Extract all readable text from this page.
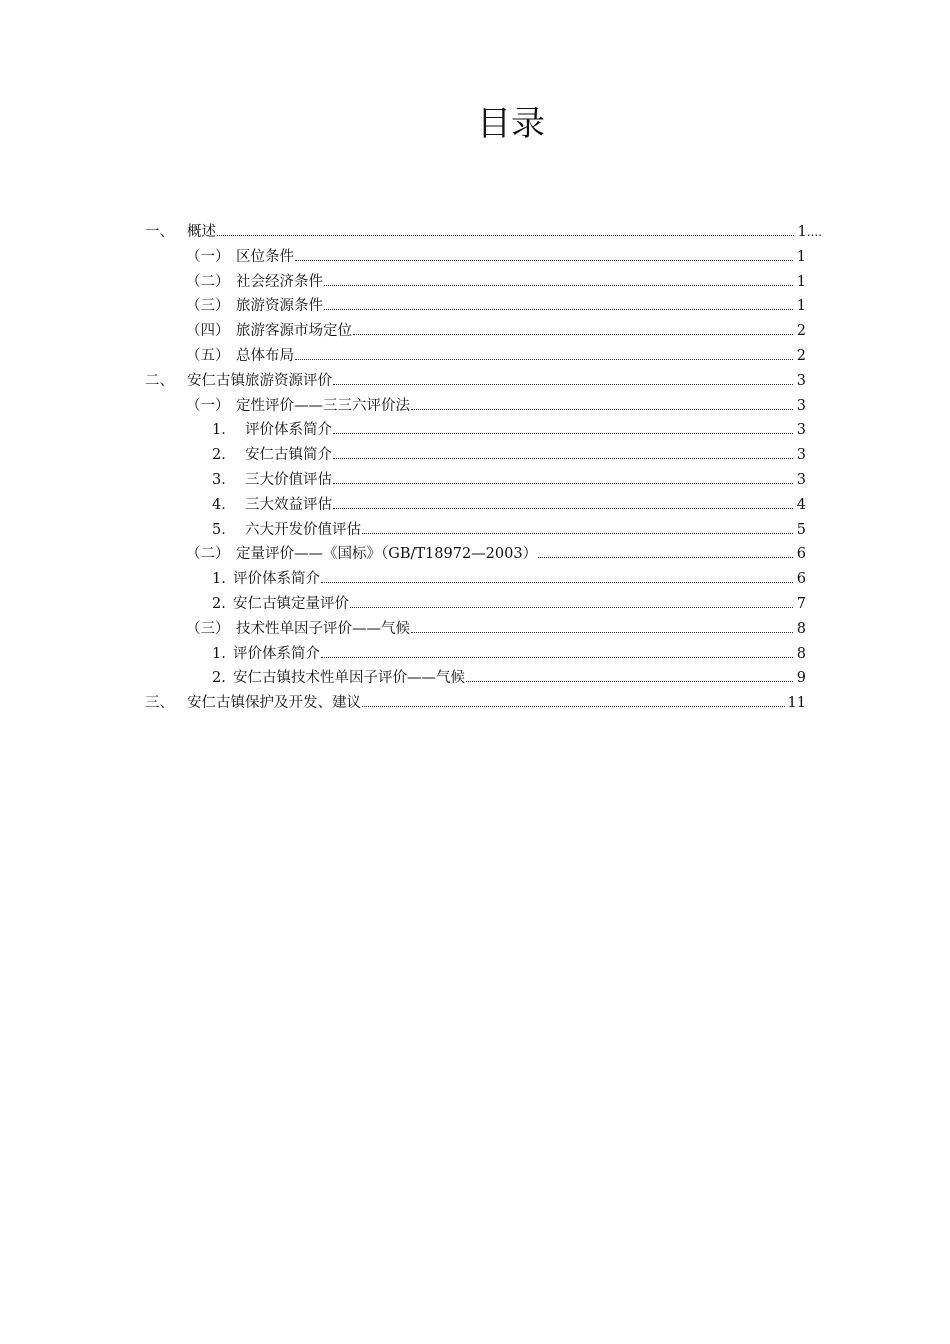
目录
一、 概述	1 ....
（一） 区位条件	1
（二） 社会经济条件	1
（三） 旅游资源条件	1
（四） 旅游客源市场定位	2
（五） 总体布局	2
二、 安仁古镇旅游资源评价	3
（一） 定性评价——三三六评价法	3
1． 评价体系简介	3
2． 安仁古镇简介	3
3． 三大价值评估	3
4． 三大效益评估	4
5． 六大开发价值评估	5
（二） 定量评价——《国标》（GB/T18972—2003）	6
1. 评价体系简介	6
2. 安仁古镇定量评价	7
（三） 技术性单因子评价——气候	8
1. 评价体系简介	8
2. 安仁古镇技术性单因子评价——气候	9
三、 安仁古镇保护及开发、建议	11
